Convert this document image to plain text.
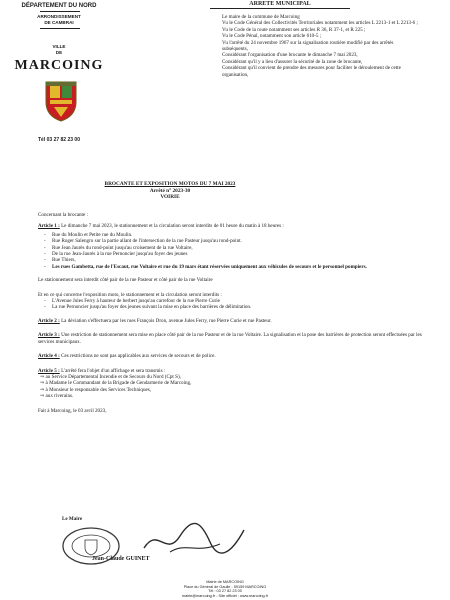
DÉPARTEMENT DU NORD
ARRONDISSEMENT
DE CAMBRAI
VILLE
DE
MARCOING
Tél 03 27 82 23 00
ARRETE MUNICIPAL

Le maire de la commune de Marcoing

Vu le Code Général des Collectivités Territoriales notamment les articles L 2213-1 et L 2213-6 ;

Vu le Code de la route notamment ses articles R 36, R 37-1, et R 225 ;

Vu le Code Pénal, notamment son article 610-5 ;

Vu l'arrêté du 24 novembre 1967 sur la signalisation routière modifié par des arrêtés subséquents,

Considérant l'organisation d'une brocante le dimanche 7 mai 2023,

Considérant qu'il y a lieu d'assurer la sécurité de la zone de brocante,

Considérant qu'il convient de prendre des mesures pour faciliter le déroulement de cette organisation,

BROCANTE ET EXPOSITION MOTOS DU 7 MAI 2023
Arrêté n° 2023-30
VOIRIE

Concernant la brocante :

Article 1 : Le dimanche 7 mai 2023, le stationnement et la circulation seront interdits de 01 heure du matin à 18 heures :

- Rue du Moulin et Petite rue du Moulin.
- Rue Roger Salengro sur la partie allant de l'intersection de la rue Pasteur jusqu'au rond-point.
- Rue Jean Jaurès du rond-point jusqu'au croisement de la rue Voltaire,
- De la rue Jean-Jaurès à la rue Pernoncier jusqu'au foyer des jeunes
- Rue Thiers,
- Les rues Gambetta, rue de l'Escaut, rue Voltaire et rue du 19 mars étant réservées uniquement aux véhicules de secours et le personnel pompiers.

Le stationnement sera interdit côté pair de la rue Pasteur et côté pair de la rue Voltaire

Et en ce qui concerne l'exposition moto, le stationnement et la circulation seront interdits :

- L'Avenue Jules Ferry à hauteur de herbert jusqu'au carrefour de la rue Pierre Curie
- La rue Pernoncier jusqu'au foyer des jeunes suivant la mise en place des barrières de délimitation.

Article 2 : La déviation s'effectuera par les rues François Dron, avenue Jules Ferry, rue Pierre Curie et rue Pasteur.

Article 3 : Une restriction de stationnement sera mise en place côté pair de la rue Pasteur et de la rue Voltaire. La signalisation et la pose des barrières de protection seront effectuées par les services municipaux.

Article 4 : Ces restrictions ne sont pas applicables aux services de secours et de police.

Article 5 : L'arrêté fera l'objet d'un affichage et sera transmis :

⇒ au Service Départemental Incendie et de Secours du Nord (Cpt S),

⇒ à Madame le Commandant de la Brigade de Gendarmerie de Marcoing,

⇒ à Monsieur le responsable des Services Techniques,

⇒ aux riverains.

Fait à Marcoing, le 03 avril 2023,

Le Maire
Jean-Claude GUINET
Mairie de MARCOING
Place du Général de Gaulle - 59159 MARCOING
Tél : 03 27 82 23 00
mairie@marcoing.fr - Site officiel : www.marcoing.fr
